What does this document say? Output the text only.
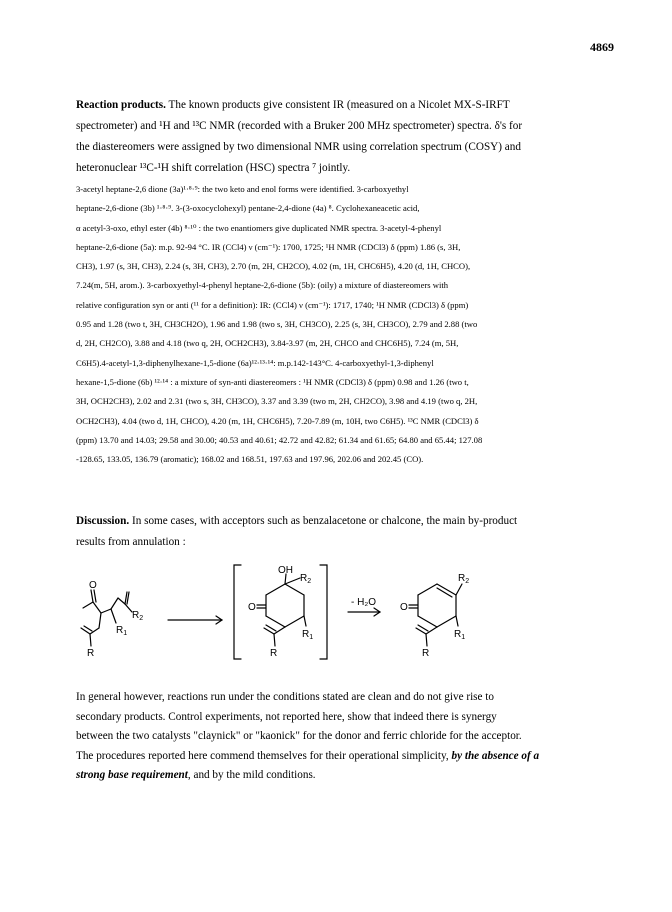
4869
Reaction products. The known products give consistent IR (measured on a Nicolet MX-S-IRFT
spectrometer) and ¹H and ¹³C NMR (recorded with a Bruker 200 MHz spectrometer) spectra. δ's for
the diastereomers were assigned by two dimensional NMR using correlation spectrum (COSY) and
heteronuclear ¹³C-¹H shift correlation (HSC) spectra ⁷ jointly.
3-acetyl heptane-2,6 dione (3a)¹·⁸·⁹: the two keto and enol forms were identified. 3-carboxyethyl
heptane-2,6-dione (3b) ¹·⁸·⁹. 3-(3-oxocyclohexyl) pentane-2,4-dione (4a) ⁸. Cyclohexaneacetic acid,
α acetyl-3-oxo, ethyl ester (4b) ⁸·¹⁰ : the two enantiomers give duplicated NMR spectra. 3-acetyl-4-phenyl
heptane-2,6-dione (5a): m.p. 92-94 °C. IR (CCl4) ν (cm⁻¹): 1700, 1725; ¹H NMR (CDCl3) δ (ppm) 1.86 (s, 3H,
CH3), 1.97 (s, 3H, CH3), 2.24 (s, 3H, CH3), 2.70 (m, 2H, CH2CO), 4.02 (m, 1H, CHC6H5), 4.20 (d, 1H, CHCO),
7.24(m, 5H, arom.). 3-carboxyethyl-4-phenyl heptane-2,6-dione (5b): (oily) a mixture of diastereomers with
relative configuration syn or anti (¹¹ for a definition): IR: (CCl4) ν (cm⁻¹): 1717, 1740; ¹H NMR (CDCl3) δ (ppm)
0.95 and 1.28 (two t, 3H, CH3CH2O), 1.96 and 1.98 (two s, 3H, CH3CO), 2.25 (s, 3H, CH3CO), 2.79 and 2.88 (two
d, 2H, CH2CO), 3.88 and 4.18 (two q, 2H, OCH2CH3), 3.84-3.97 (m, 2H, CHCO and CHC6H5), 7.24 (m, 5H,
C6H5).4-acetyl-1,3-diphenylhexane-1,5-dione (6a)¹²·¹³·¹⁴: m.p.142-143°C. 4-carboxyethyl-1,3-diphenyl
hexane-1,5-dione (6b) ¹²·¹⁴ : a mixture of syn-anti diastereomers : ¹H NMR (CDCl3) δ (ppm) 0.98 and 1.26 (two t,
3H, OCH2CH3), 2.02 and 2.31 (two s, 3H, CH3CO), 3.37 and 3.39 (two m, 2H, CH2CO), 3.98 and 4.19 (two q, 2H,
OCH2CH3), 4.04 (two d, 1H, CHCO), 4.20 (m, 1H, CHC6H5), 7.20-7.89 (m, 10H, two C6H5). ¹³C NMR (CDCl3) δ
(ppm) 13.70 and 14.03; 29.58 and 30.00; 40.53 and 40.61; 42.72 and 42.82; 61.34 and 61.65; 64.80 and 65.44; 127.08
-128.65, 133.05, 136.79 (aromatic); 168.02 and 168.51, 197.63 and 197.96, 202.06 and 202.45 (CO).
Discussion. In some cases, with acceptors such as benzalacetone or chalcone, the main by-product
results from annulation :
O
$R_2$
$R_1$
R
OH
$R_2$
O
$R_1$
R
- H₂O
$R_2$
O
$R_1$
R
In general however, reactions run under the conditions stated are clean and do not give rise to
secondary products. Control experiments, not reported here, show that indeed there is synergy
between the two catalysts "claynick" or "kaonick" for the donor and ferric chloride for the acceptor.
The procedures reported here commend themselves for their operational simplicity, by the absence of a
strong base requirement, and by the mild conditions.
